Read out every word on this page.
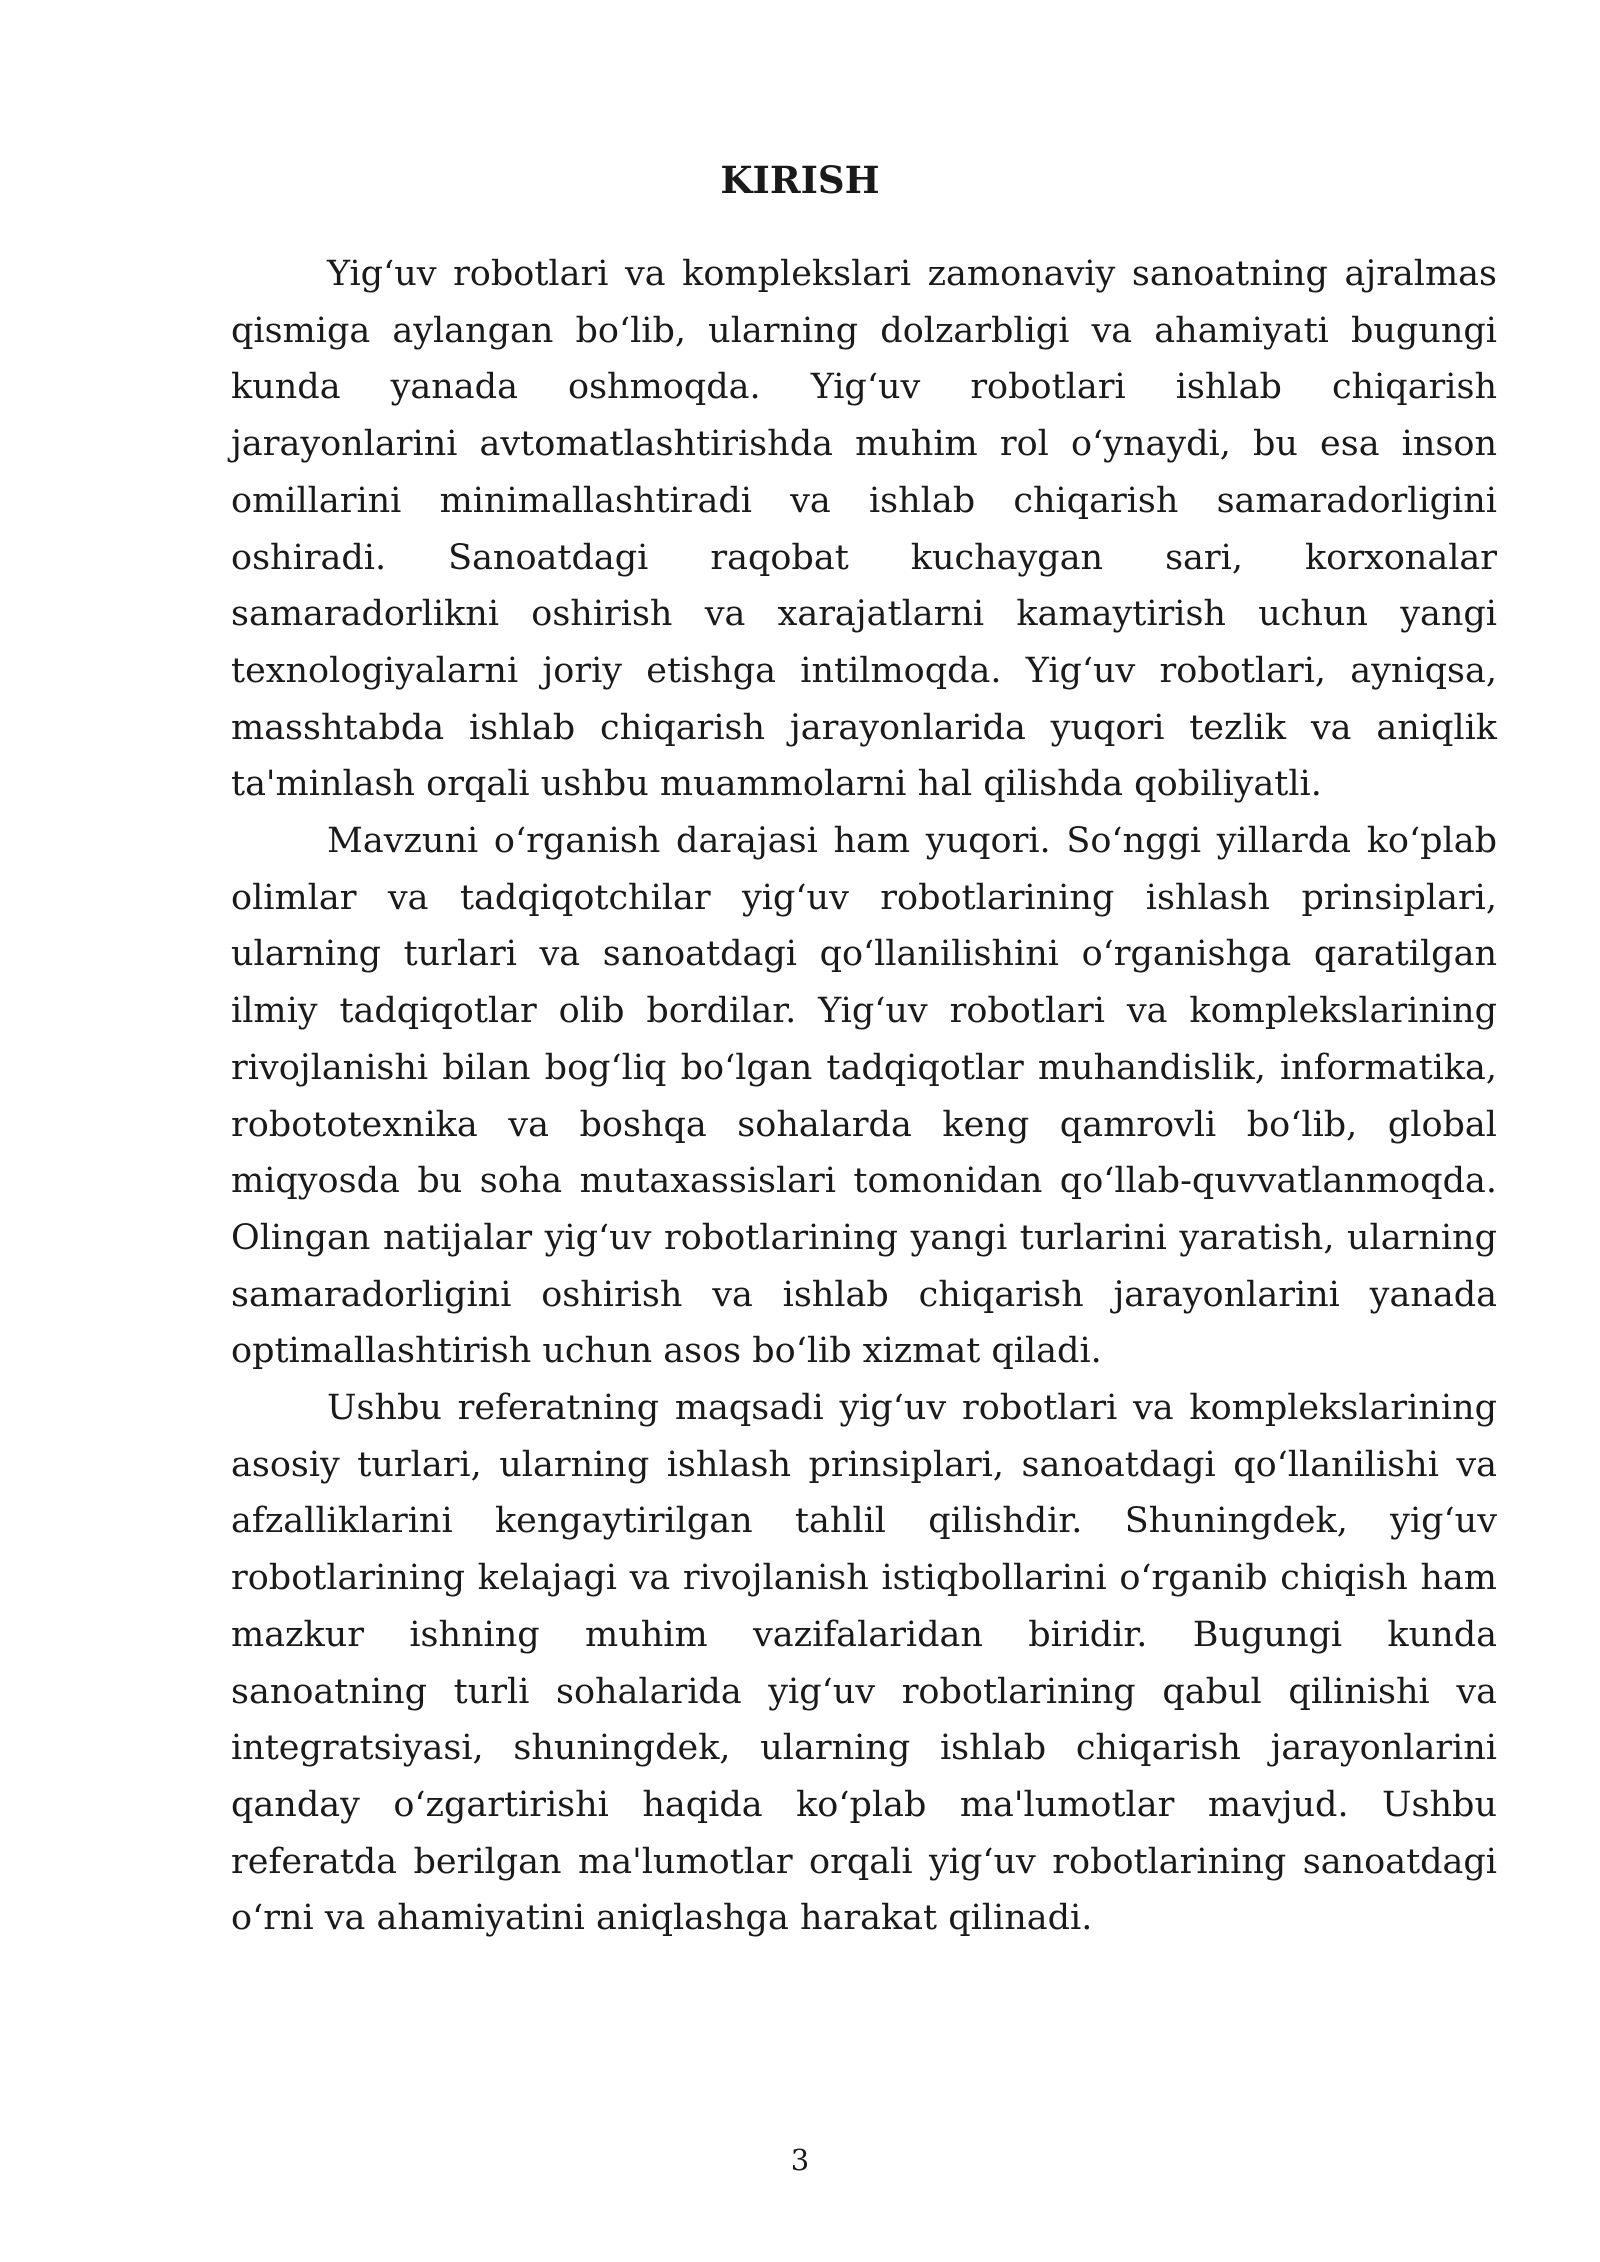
KIRISH

Yig‘uv robotlari va komplekslari zamonaviy sanoatning ajralmas qismiga aylangan bo‘lib, ularning dolzarbligi va ahamiyati bugungi kunda yanada oshmoqda. Yig‘uv robotlari ishlab chiqarish jarayonlarini avtomatlashtirishda muhim rol o‘ynaydi, bu esa inson omillarini minimallashtiradi va ishlab chiqarish samaradorligini oshiradi. Sanoatdagi raqobat kuchaygan sari, korxonalar samaradorlikni oshirish va xarajatlarni kamaytirish uchun yangi texnologiyalarni joriy etishga intilmoqda. Yig‘uv robotlari, ayniqsa, masshtabda ishlab chiqarish jarayonlarida yuqori tezlik va aniqlik ta'minlash orqali ushbu muammolarni hal qilishda qobiliyatli.

Mavzuni o‘rganish darajasi ham yuqori. So‘nggi yillarda ko‘plab olimlar va tadqiqotchilar yig‘uv robotlarining ishlash prinsiplari, ularning turlari va sanoatdagi qo‘llanilishini o‘rganishga qaratilgan ilmiy tadqiqotlar olib bordilar. Yig‘uv robotlari va komplekslarining rivojlanishi bilan bog‘liq bo‘lgan tadqiqotlar muhandislik, informatika, robototexnika va boshqa sohalarda keng qamrovli bo‘lib, global miqyosda bu soha mutaxassislari tomonidan qo‘llab-quvvatlanmoqda. Olingan natijalar yig‘uv robotlarining yangi turlarini yaratish, ularning samaradorligini oshirish va ishlab chiqarish jarayonlarini yanada optimallashtirish uchun asos bo‘lib xizmat qiladi.

Ushbu referatning maqsadi yig‘uv robotlari va komplekslarining asosiy turlari, ularning ishlash prinsiplari, sanoatdagi qo‘llanilishi va afzalliklarini kengaytirilgan tahlil qilishdir. Shuningdek, yig‘uv robotlarining kelajagi va rivojlanish istiqbollarini o‘rganib chiqish ham mazkur ishning muhim vazifalaridan biridir. Bugungi kunda sanoatning turli sohalarida yig‘uv robotlarining qabul qilinishi va integratsiyasi, shuningdek, ularning ishlab chiqarish jarayonlarini qanday o‘zgartirishi haqida ko‘plab ma'lumotlar mavjud. Ushbu referatda berilgan ma'lumotlar orqali yig‘uv robotlarining sanoatdagi o‘rni va ahamiyatini aniqlashga harakat qilinadi.

3
